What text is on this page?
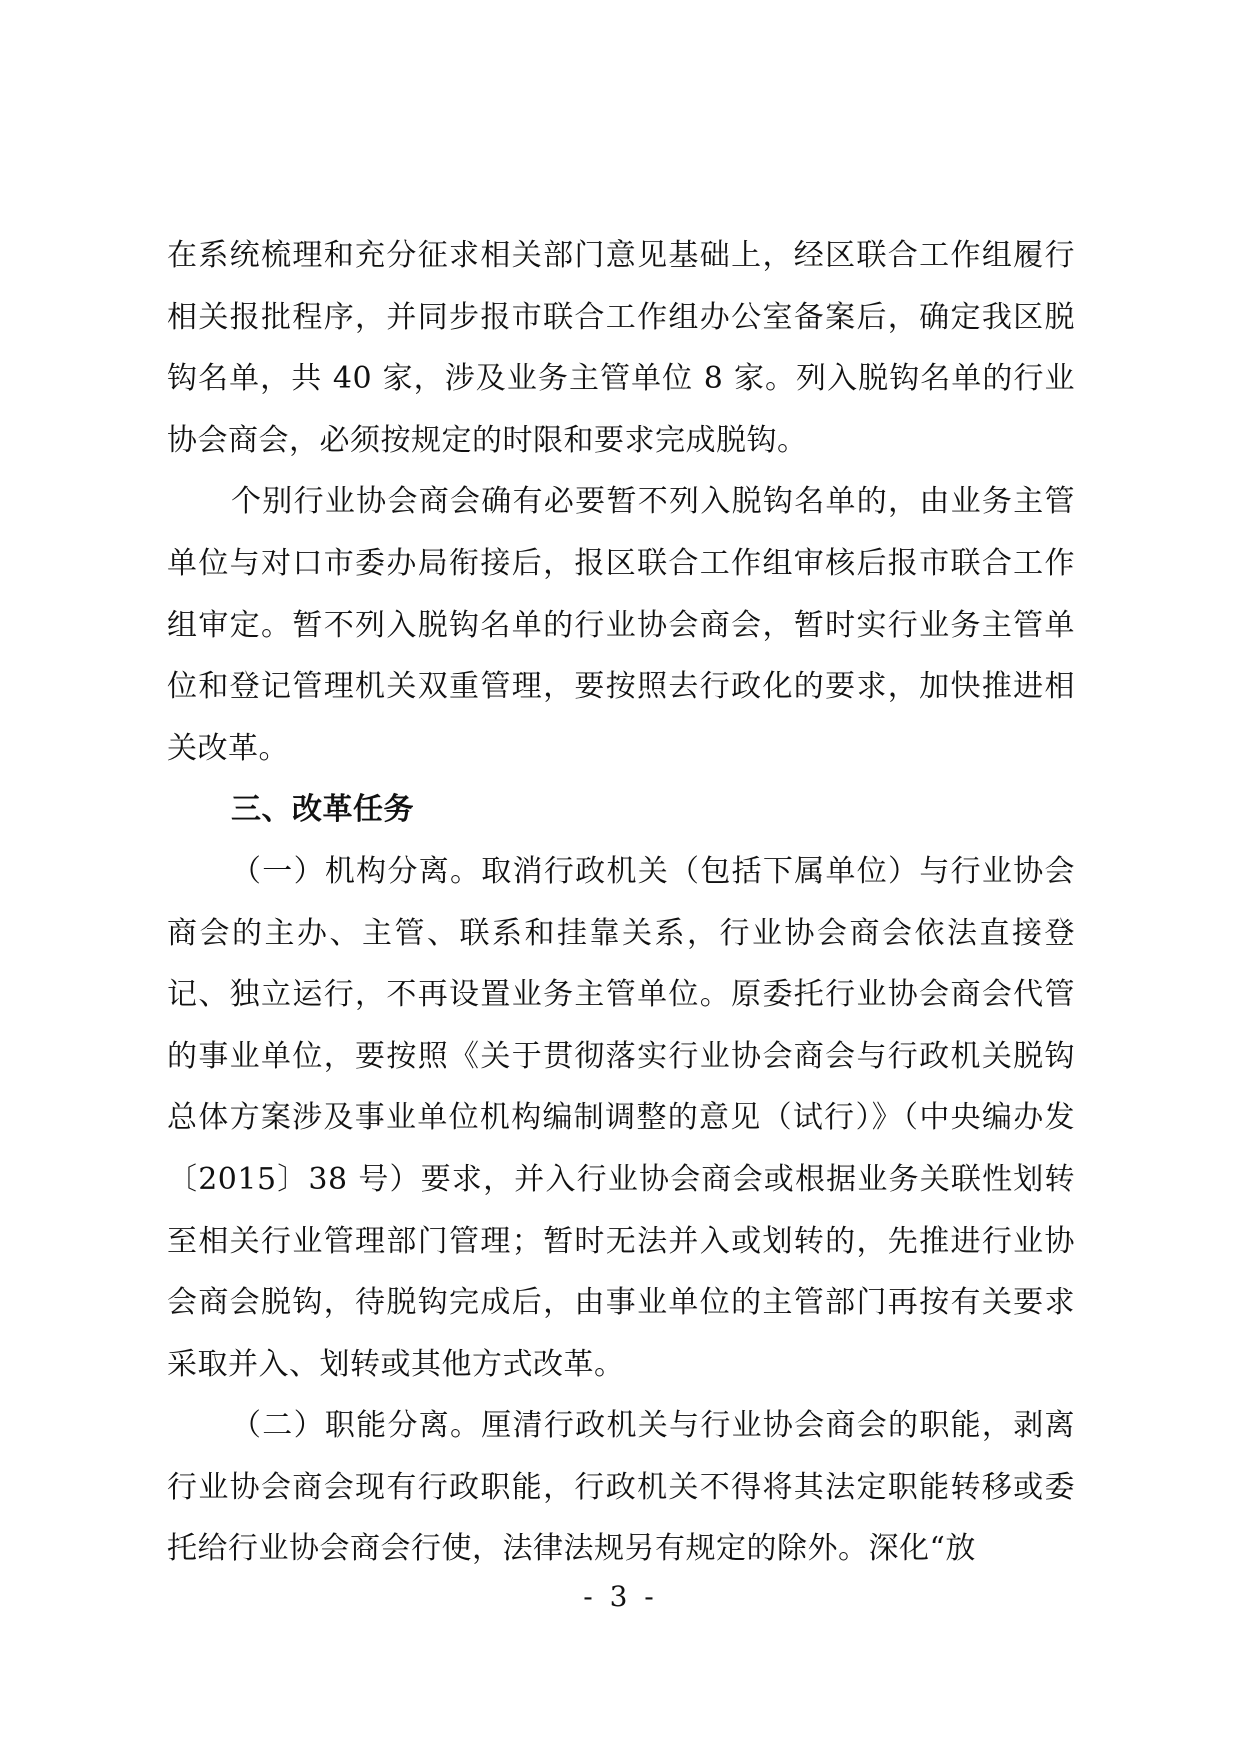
在系统梳理和充分征求相关部门意见基础上，经区联合工作组履行相关报批程序，并同步报市联合工作组办公室备案后，确定我区脱钩名单，共 40 家，涉及业务主管单位 8 家。列入脱钩名单的行业协会商会，必须按规定的时限和要求完成脱钩。

个别行业协会商会确有必要暂不列入脱钩名单的，由业务主管单位与对口市委办局衔接后，报区联合工作组审核后报市联合工作组审定。暂不列入脱钩名单的行业协会商会，暂时实行业务主管单位和登记管理机关双重管理，要按照去行政化的要求，加快推进相关改革。

三、改革任务

（一）机构分离。取消行政机关（包括下属单位）与行业协会商会的主办、主管、联系和挂靠关系，行业协会商会依法直接登记、独立运行，不再设置业务主管单位。原委托行业协会商会代管的事业单位，要按照《关于贯彻落实行业协会商会与行政机关脱钩总体方案涉及事业单位机构编制调整的意见（试行）》（中央编办发〔2015〕38 号）要求，并入行业协会商会或根据业务关联性划转至相关行业管理部门管理；暂时无法并入或划转的，先推进行业协会商会脱钩，待脱钩完成后，由事业单位的主管部门再按有关要求采取并入、划转或其他方式改革。

（二）职能分离。厘清行政机关与行业协会商会的职能，剥离行业协会商会现有行政职能，行政机关不得将其法定职能转移或委托给行业协会商会行使，法律法规另有规定的除外。深化“放

- 3 -
